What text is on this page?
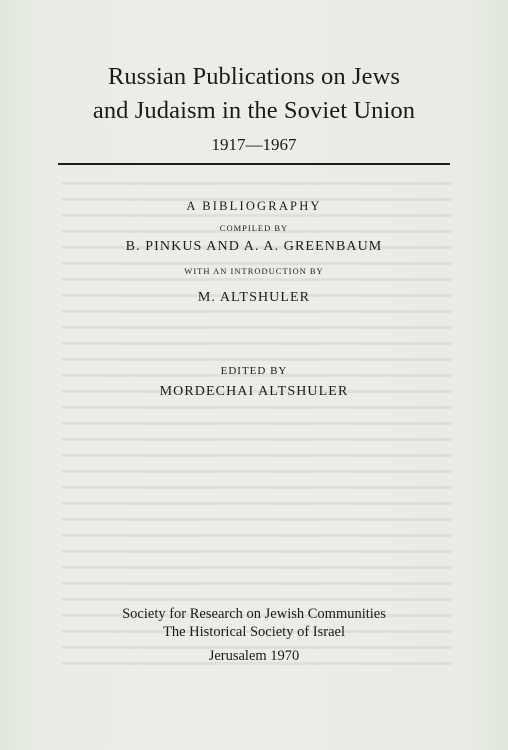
Russian Publications on Jews
and Judaism in the Soviet Union
1917—1967
A BIBLIOGRAPHY
COMPILED BY
B. PINKUS AND A. A. GREENBAUM
WITH AN INTRODUCTION BY
M. ALTSHULER
EDITED BY
MORDECHAI ALTSHULER
Society for Research on Jewish Communities
The Historical Society of Israel
Jerusalem 1970
